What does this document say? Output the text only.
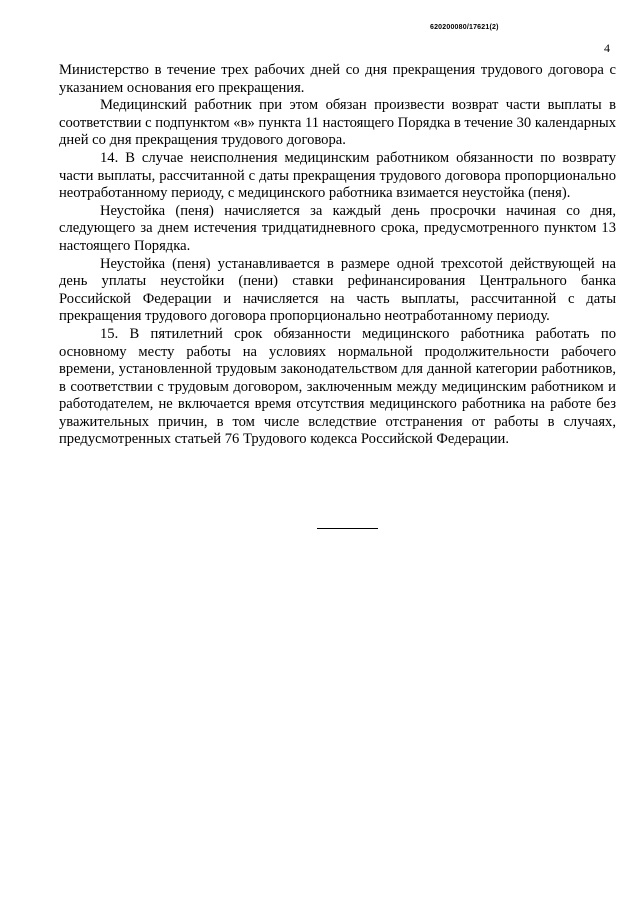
620200080/17621(2)
4

Министерство в течение трех рабочих дней со дня прекращения трудового договора с указанием основания его прекращения.

Медицинский работник при этом обязан произвести возврат части выплаты в соответствии с подпунктом «в» пункта 11 настоящего Порядка в течение 30 календарных дней со дня прекращения трудового договора.

14. В случае неисполнения медицинским работником обязанности по возврату части выплаты, рассчитанной с даты прекращения трудового договора пропорционально неотработанному периоду, с медицинского работника взимается неустойка (пеня).

Неустойка (пеня) начисляется за каждый день просрочки начиная со дня, следующего за днем истечения тридцатидневного срока, предусмотренного пунктом 13 настоящего Порядка.

Неустойка (пеня) устанавливается в размере одной трехсотой действующей на день уплаты неустойки (пени) ставки рефинансирования Центрального банка Российской Федерации и начисляется на часть выплаты, рассчитанной с даты прекращения трудового договора пропорционально неотработанному периоду.

15. В пятилетний срок обязанности медицинского работника работать по основному месту работы на условиях нормальной продолжительности рабочего времени, установленной трудовым законодательством для данной категории работников, в соответствии с трудовым договором, заключенным между медицинским работником и работодателем, не включается время отсутствия медицинского работника на работе без уважительных причин, в том числе вследствие отстранения от работы в случаях, предусмотренных статьей 76 Трудового кодекса Российской Федерации.
